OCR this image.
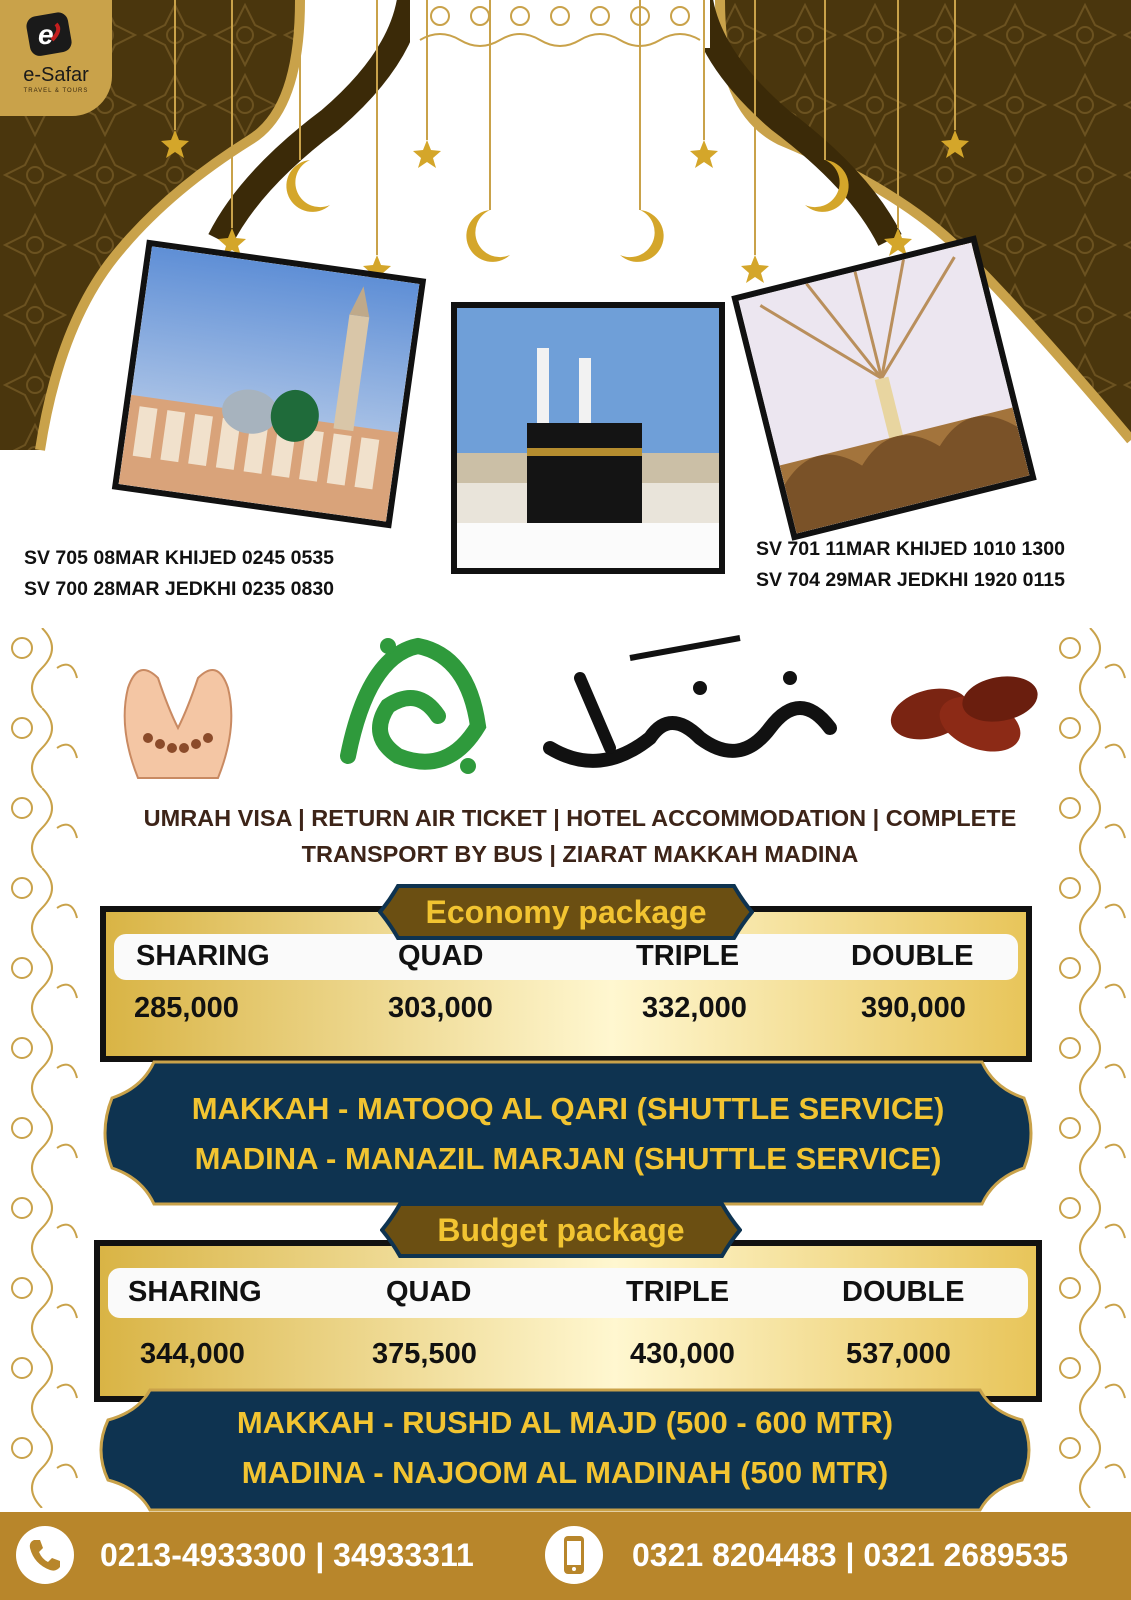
e
e-Safar
TRAVEL & TOURS
SV 705 08MAR KHIJED 0245 0535
SV 700 28MAR JEDKHI 0235 0830
SV 701 11MAR KHIJED 1010 1300
SV 704 29MAR JEDKHI 1920 0115
UMRAH VISA | RETURN AIR TICKET | HOTEL ACCOMMODATION | COMPLETE
TRANSPORT BY BUS | ZIARAT MAKKAH MADINA
SHARING	QUAD	TRIPLE	DOUBLE
285,000	303,000	332,000	390,000
Economy package
MAKKAH - MATOOQ AL QARI (SHUTTLE SERVICE)
MADINA - MANAZIL MARJAN (SHUTTLE SERVICE)
SHARING	QUAD	TRIPLE	DOUBLE
344,000	375,500	430,000	537,000
Budget package
MAKKAH - RUSHD AL MAJD (500 - 600 MTR)
MADINA - NAJOOM AL MADINAH (500 MTR)
0213-4933300 | 34933311	0321 8204483 | 0321 2689535
